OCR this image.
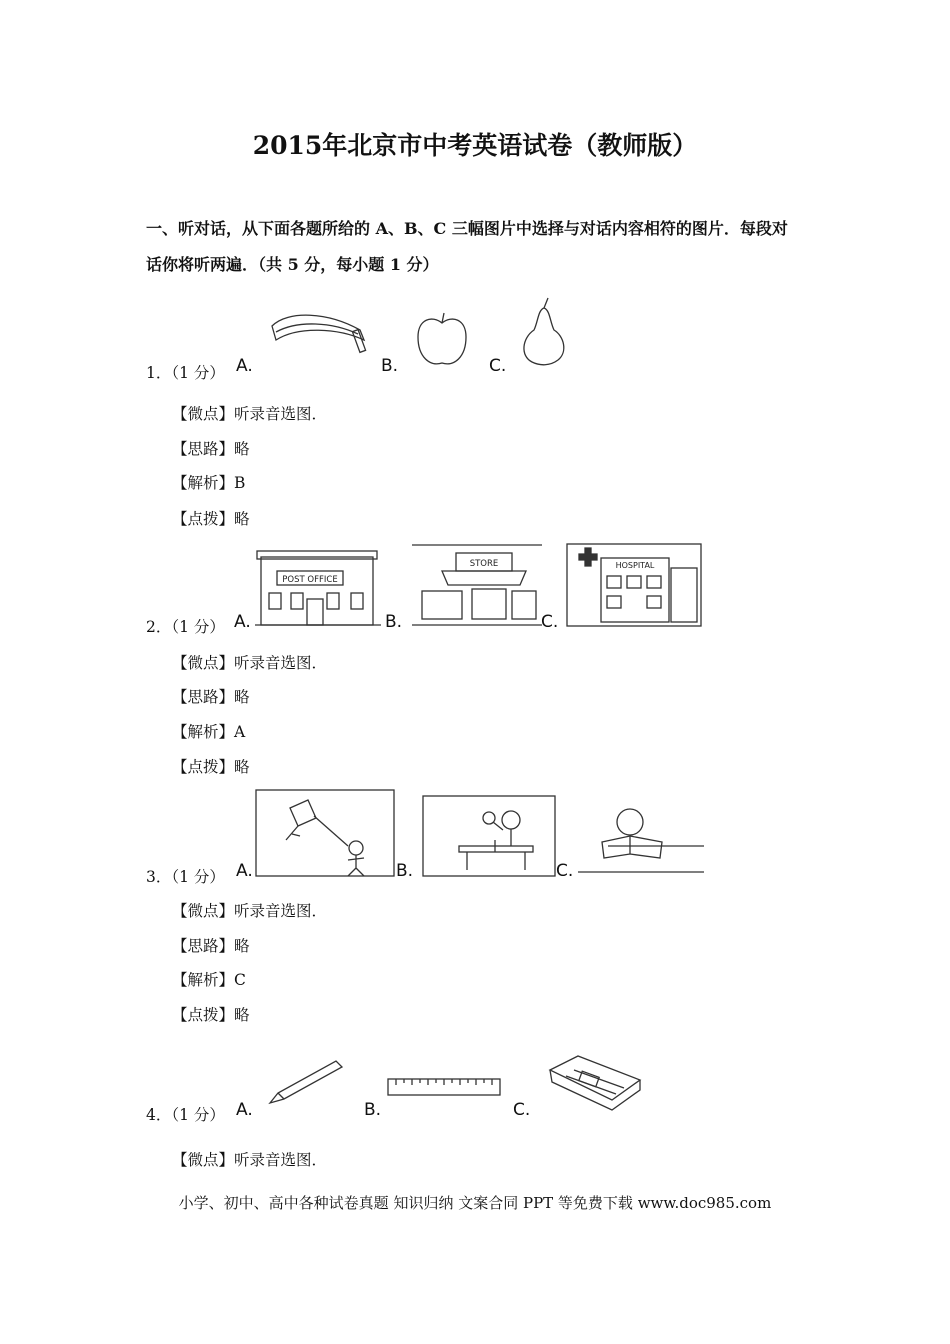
2015年北京市中考英语试卷（教师版）
一、听对话，从下面各题所给的 A、B、C 三幅图片中选择与对话内容相符的图片．每段对
话你将听两遍．（共 5 分，每小题 1 分）
1．（1 分） A.	B.	C.
【微点】听录音选图．
【思路】略
【解析】B
【点拨】略
2．（1 分） A.	B.	C.
POST OFFICE
STORE	HOSPITAL
【微点】听录音选图．
【思路】略
【解析】A
【点拨】略
3．（1 分） A.	B.	C.
【微点】听录音选图．
【思路】略
【解析】C
【点拨】略
4．（1 分） A.	B.	C.
【微点】听录音选图．
小学、初中、高中各种试卷真题 知识归纳 文案合同 PPT 等免费下载 www.doc985.com
